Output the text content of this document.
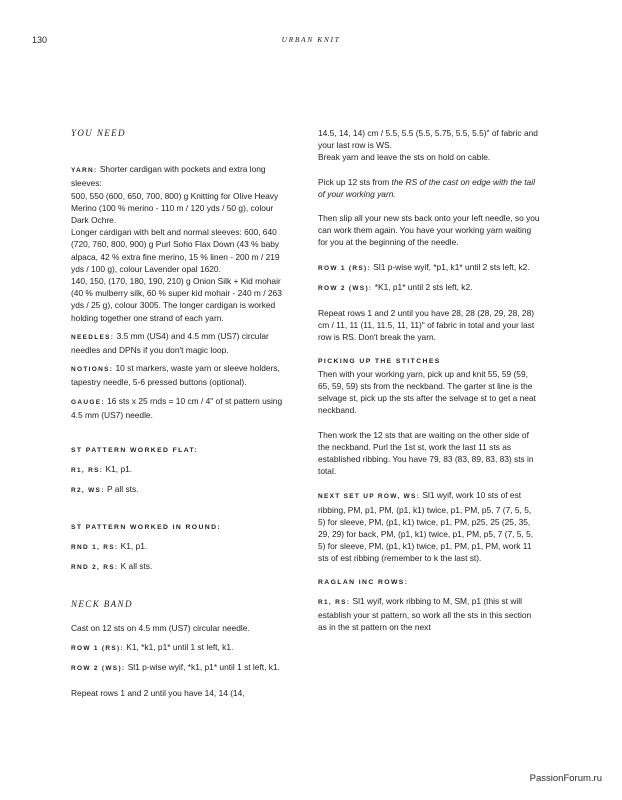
130	URBAN KNIT

YOU NEED

YARN: Shorter cardigan with pockets and extra long sleeves:
500, 550 (600, 650, 700, 800) g Knitting for Olive Heavy Merino (100 % merino - 110 m / 120 yds / 50 g), colour Dark Ochre.
Longer cardigan with belt and normal sleeves: 600, 640 (720, 760, 800, 900) g Purl Soho Flax Down (43 % baby alpaca, 42 % extra fine merino, 15 % linen - 200 m / 219 yds / 100 g), colour Lavender opal 1620.
140, 150, (170, 180, 190, 210) g Onion Silk + Kid mohair (40 % mulberry silk, 60 % super kid mohair - 240 m / 263 yds / 25 g), colour 3005. The longer cardigan is worked holding together one strand of each yarn.

NEEDLES: 3.5 mm (US4) and 4.5 mm (US7) circular needles and DPNs if you don't magic loop.

NOTIONS: 10 st markers, waste yarn or sleeve holders, tapestry needle, 5-6 pressed buttons (optional).

GAUGE: 16 sts x 25 rnds = 10 cm / 4" of st pattern using 4.5 mm (US7) needle.

ST PATTERN WORKED FLAT:

R1, RS: K1, p1.

R2, WS: P all sts.

ST PATTERN WORKED IN ROUND:

RND 1, RS: K1, p1.

RND 2, RS: K all sts.

NECK BAND

Cast on 12 sts on 4.5 mm (US7) circular needle.

ROW 1 (RS): K1, *k1, p1* until 1 st left, k1.

ROW 2 (WS): Sl1 p-wise wyif, *k1, p1* until 1 st left, k1.

Repeat rows 1 and 2 until you have 14, 14 (14,

14.5, 14, 14) cm / 5.5, 5.5 (5.5, 5.75, 5.5, 5.5)" of fabric and your last row is WS.

Break yarn and leave the sts on hold on cable.

Pick up 12 sts from the RS of the cast on edge with the tail of your working yarn.

Then slip all your new sts back onto your left needle, so you can work them again. You have your working yarn waiting for you at the beginning of the needle.

ROW 1 (RS): Sl1 p-wise wyif, *p1, k1* until 2 sts left, k2.

ROW 2 (WS): *K1, p1* until 2 sts left, k2.

Repeat rows 1 and 2 until you have 28, 28 (28, 29, 28, 28) cm / 11, 11 (11, 11.5, 11, 11)" of fabric in total and your last row is RS. Don't break the yarn.

PICKING UP THE STITCHES

Then with your working yarn, pick up and knit 55, 59 (59, 65, 59, 59) sts from the neckband. The garter st line is the selvage st, pick up the sts after the selvage st to get a neat neckband.

Then work the 12 sts that are waiting on the other side of the neckband. Purl the 1st st, work the last 11 sts as established ribbing. You have 79, 83 (83, 89, 83, 83) sts in total.

NEXT SET UP ROW, WS: Sl1 wyif, work 10 sts of est ribbing, PM, p1, PM, (p1, k1) twice, p1, PM, p5, 7 (7, 5, 5, 5) for sleeve, PM, (p1, k1) twice, p1, PM, p25, 25 (25, 35, 29, 29) for back, PM, (p1, k1) twice, p1, PM, p5, 7 (7, 5, 5, 5) for sleeve, PM, (p1, k1) twice, p1, PM, p1, PM, work 11 sts of est ribbing (remember to k the last st).

RAGLAN INC ROWS:

R1, RS: Sl1 wyif, work ribbing to M, SM, p1 (this st will establish your st pattern, so work all the sts in this section as in the st pattern on the next

PassionForum.ru
